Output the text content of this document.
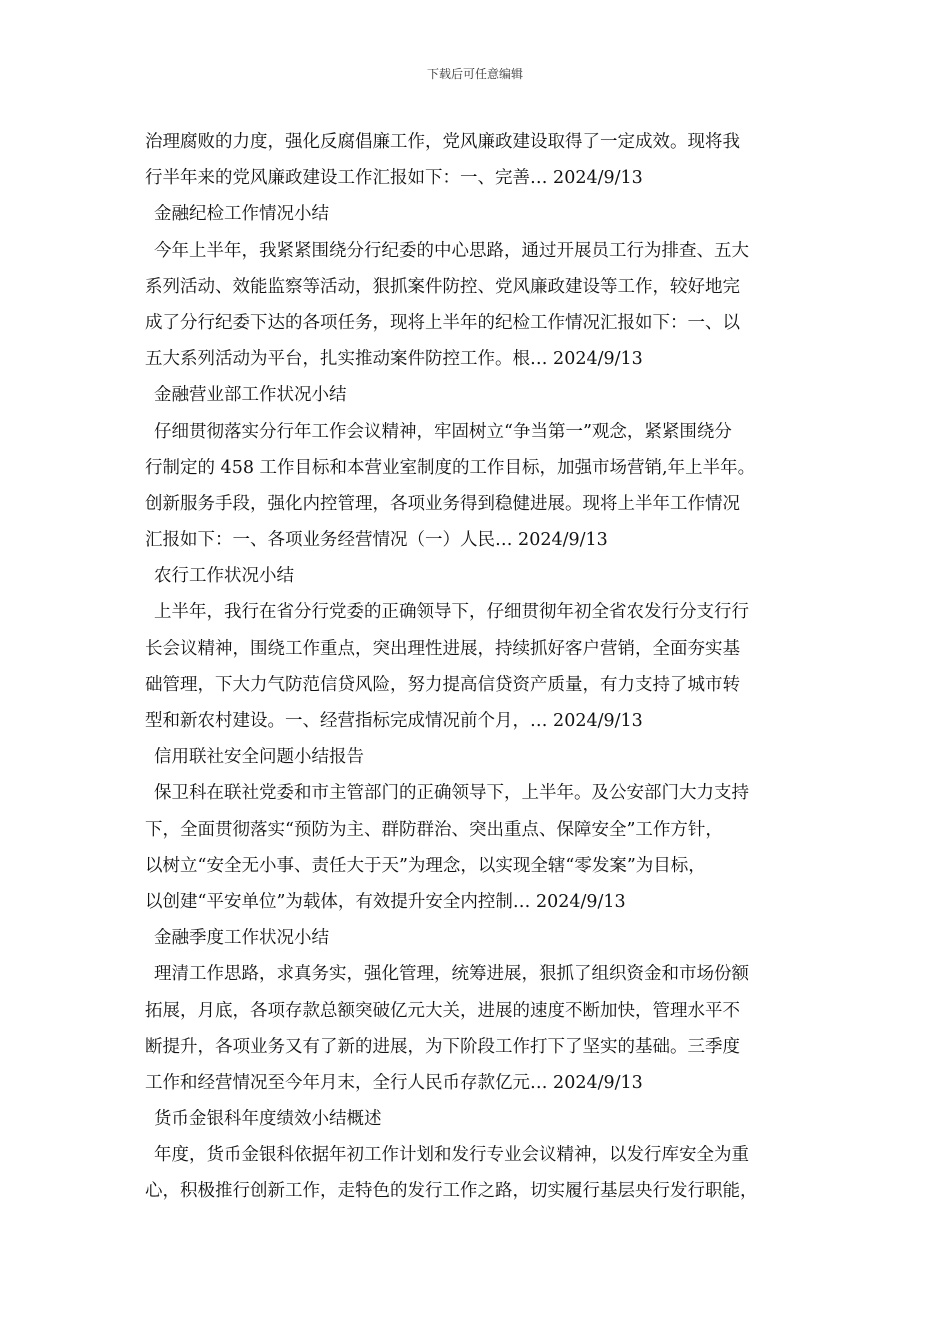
下载后可任意编辑
治理腐败的力度，强化反腐倡廉工作，党风廉政建设取得了一定成效。现将我
行半年来的党风廉政建设工作汇报如下：一、完善… 2024/9/13
金融纪检工作情况小结
今年上半年，我紧紧围绕分行纪委的中心思路，通过开展员工行为排查、五大
系列活动、效能监察等活动，狠抓案件防控、党风廉政建设等工作，较好地完
成了分行纪委下达的各项任务，现将上半年的纪检工作情况汇报如下：一、以
五大系列活动为平台，扎实推动案件防控工作。根… 2024/9/13
金融营业部工作状况小结
仔细贯彻落实分行年工作会议精神，牢固树立“争当第一”观念，紧紧围绕分
行制定的 458 工作目标和本营业室制度的工作目标，加强市场营销,年上半年。
创新服务手段，强化内控管理，各项业务得到稳健进展。现将上半年工作情况
汇报如下：一、各项业务经营情况（一）人民… 2024/9/13
农行工作状况小结
上半年，我行在省分行党委的正确领导下，仔细贯彻年初全省农发行分支行行
长会议精神，围绕工作重点，突出理性进展，持续抓好客户营销，全面夯实基
础管理，下大力气防范信贷风险，努力提高信贷资产质量，有力支持了城市转
型和新农村建设。一、经营指标完成情况前个月，… 2024/9/13
信用联社安全问题小结报告
保卫科在联社党委和市主管部门的正确领导下，上半年。及公安部门大力支持
下，全面贯彻落实“预防为主、群防群治、突出重点、保障安全”工作方针，
以树立“安全无小事、责任大于天”为理念，以实现全辖“零发案”为目标，
以创建“平安单位”为载体，有效提升安全内控制… 2024/9/13
金融季度工作状况小结
理清工作思路，求真务实，强化管理，统筹进展，狠抓了组织资金和市场份额
拓展，月底，各项存款总额突破亿元大关，进展的速度不断加快，管理水平不
断提升，各项业务又有了新的进展，为下阶段工作打下了坚实的基础。三季度
工作和经营情况至今年月末，全行人民币存款亿元… 2024/9/13
货币金银科年度绩效小结概述
年度，货币金银科依据年初工作计划和发行专业会议精神，以发行库安全为重
心，积极推行创新工作，走特色的发行工作之路，切实履行基层央行发行职能，
